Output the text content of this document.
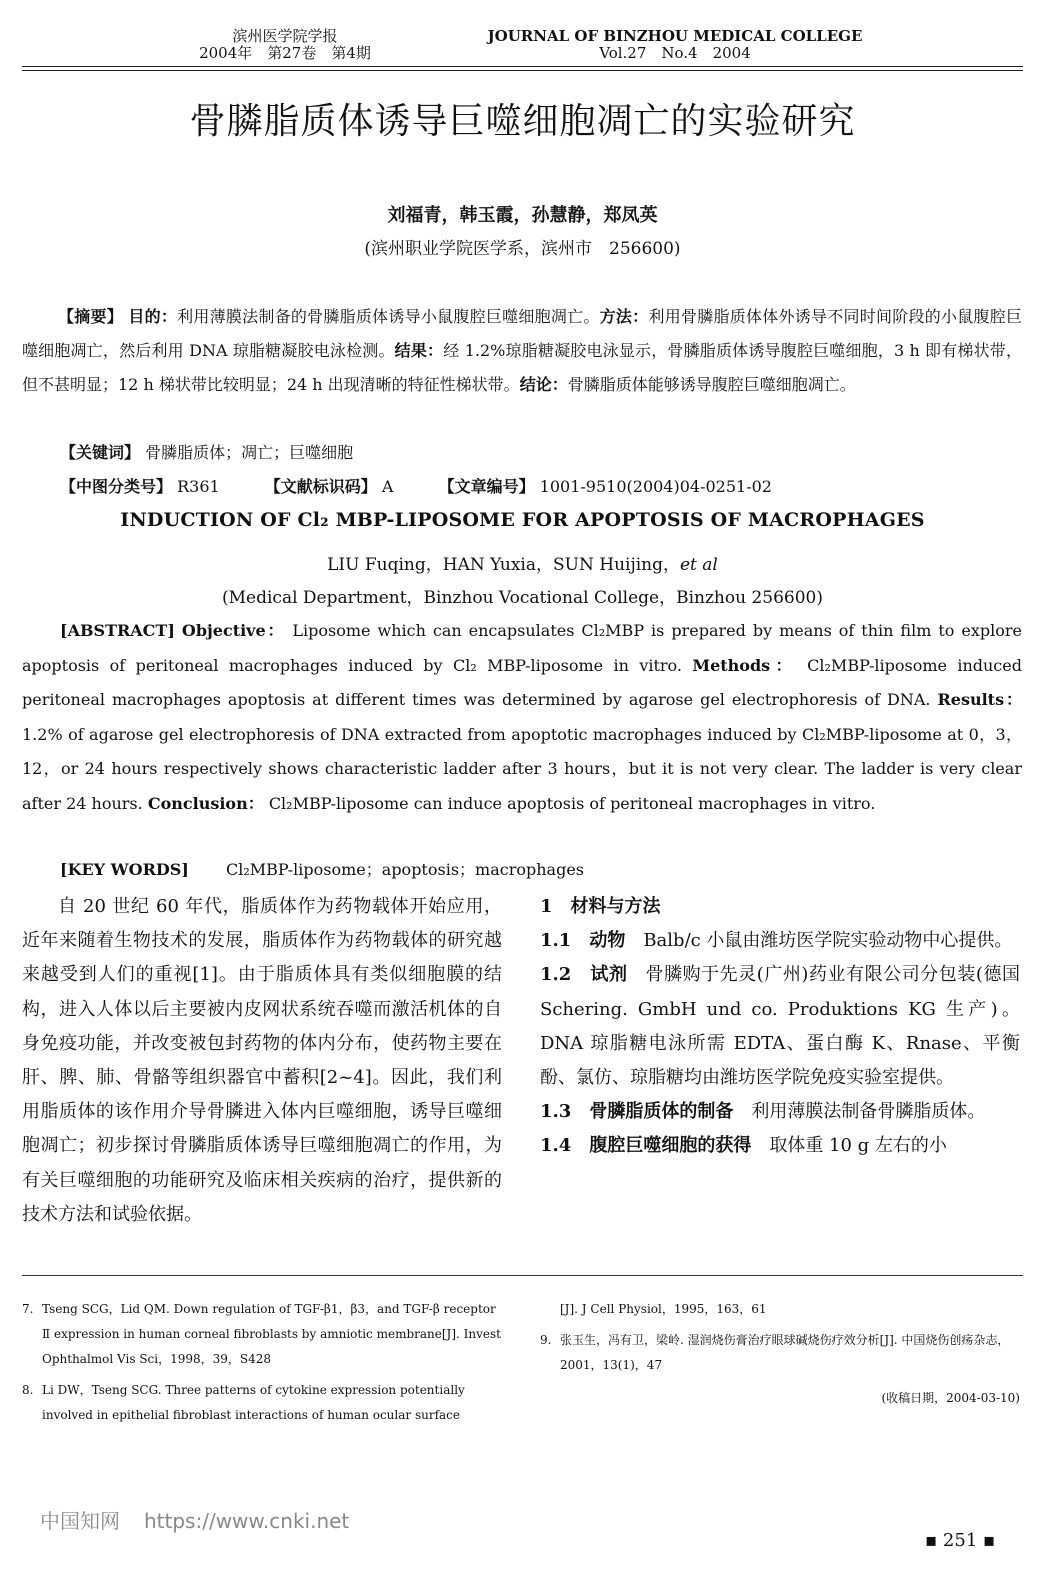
滨州医学院学报
2004年　第27卷　第4期
JOURNAL OF BINZHOU MEDICAL COLLEGE
Vol.27　No.4　2004
骨膦脂质体诱导巨噬细胞凋亡的实验研究
刘福青，韩玉霞，孙慧静，郑凤英
(滨州职业学院医学系，滨州市　256600)
【摘要】 目的：利用薄膜法制备的骨膦脂质体诱导小鼠腹腔巨噬细胞凋亡。方法：利用骨膦脂质体体外诱导不同时间阶段的小鼠腹腔巨噬细胞凋亡，然后利用 DNA 琼脂糖凝胶电泳检测。结果：经 1.2%琼脂糖凝胶电泳显示，骨膦脂质体诱导腹腔巨噬细胞，3 h 即有梯状带，但不甚明显；12 h 梯状带比较明显；24 h 出现清晰的特征性梯状带。结论：骨膦脂质体能够诱导腹腔巨噬细胞凋亡。
【关键词】 骨膦脂质体；凋亡；巨噬细胞
【中图分类号】 R361	【文献标识码】 A	【文章编号】 1001-9510(2004)04-0251-02
INDUCTION OF Cl₂ MBP-LIPOSOME FOR APOPTOSIS OF MACROPHAGES
LIU Fuqing，HAN Yuxia，SUN Huijing，et al
(Medical Department，Binzhou Vocational College，Binzhou 256600)
[ABSTRACT] Objective： Liposome which can encapsulates Cl₂MBP is prepared by means of thin film to explore apoptosis of peritoneal macrophages induced by Cl₂ MBP-liposome in vitro. Methods： Cl₂MBP-liposome induced peritoneal macrophages apoptosis at different times was determined by agarose gel electrophoresis of DNA. Results： 1.2% of agarose gel electrophoresis of DNA extracted from apoptotic macrophages induced by Cl₂MBP-liposome at 0，3，12，or 24 hours respectively shows characteristic ladder after 3 hours，but it is not very clear. The ladder is very clear after 24 hours. Conclusion： Cl₂MBP-liposome can induce apoptosis of peritoneal macrophages in vitro.
[KEY WORDS] Cl₂MBP-liposome；apoptosis；macrophages
自 20 世纪 60 年代，脂质体作为药物载体开始应用，近年来随着生物技术的发展，脂质体作为药物载体的研究越来越受到人们的重视[1]。由于脂质体具有类似细胞膜的结构，进入人体以后主要被内皮网状系统吞噬而激活机体的自身免疫功能，并改变被包封药物的体内分布，使药物主要在肝、脾、肺、骨骼等组织器官中蓄积[2~4]。因此，我们利用脂质体的该作用介导骨膦进入体内巨噬细胞，诱导巨噬细胞凋亡；初步探讨骨膦脂质体诱导巨噬细胞凋亡的作用，为有关巨噬细胞的功能研究及临床相关疾病的治疗，提供新的技术方法和试验依据。
1　材料与方法
1.1　动物 Balb/c 小鼠由潍坊医学院实验动物中心提供。
1.2　试剂 骨膦购于先灵(广州)药业有限公司分包装(德国 Schering. GmbH und co. Produktions KG 生产)。DNA 琼脂糖电泳所需 EDTA、蛋白酶 K、Rnase、平衡酚、氯仿、琼脂糖均由潍坊医学院免疫实验室提供。
1.3　骨膦脂质体的制备 利用薄膜法制备骨膦脂质体。
1.4　腹腔巨噬细胞的获得 取体重 10 g 左右的小
7. Tseng SCG，Lid QM. Down regulation of TGF-β1，β3，and TGF-β receptor Ⅱ expression in human corneal fibroblasts by amniotic membrane[J]. Invest Ophthalmol Vis Sci，1998，39，S428
8. Li DW，Tseng SCG. Three patterns of cytokine expression potentially involved in epithelial fibroblast interactions of human ocular surface
[J]. J Cell Physiol，1995，163，61
9. 张玉生，冯有卫，梁岭. 湿润烧伤膏治疗眼球碱烧伤疗效分析[J]. 中国烧伤创疡杂志，2001，13(1)，47
(收稿日期，2004-03-10)
中国知网 https://www.cnki.net
▪ 251 ▪
